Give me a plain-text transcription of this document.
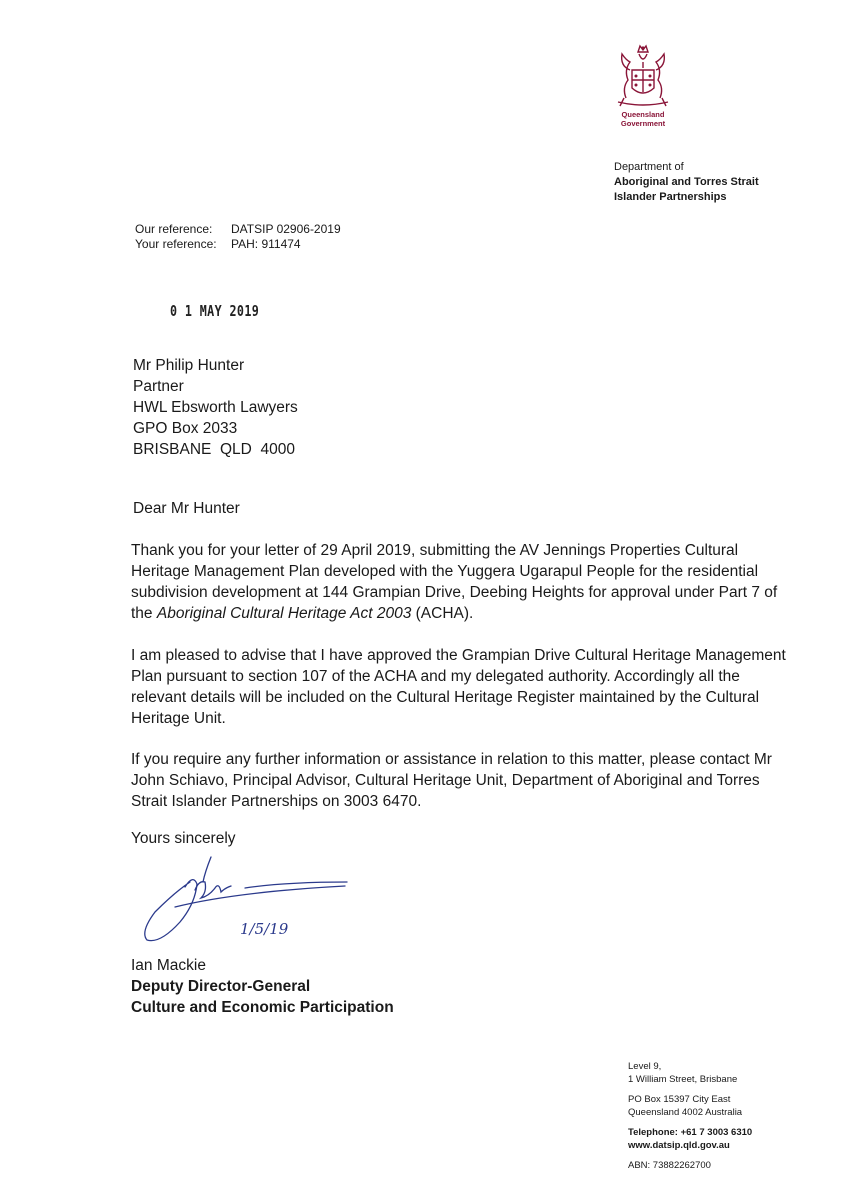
Queensland
Government
Department of
Aboriginal and Torres Strait
Islander Partnerships
Our reference:	DATSIP 02906-2019
Your reference:	PAH: 911474
0 1 MAY 2019
Mr Philip Hunter
Partner
HWL Ebsworth Lawyers
GPO Box 2033
BRISBANE  QLD  4000
Dear Mr Hunter
Thank you for your letter of 29 April 2019, submitting the AV Jennings Properties Cultural Heritage Management Plan developed with the Yuggera Ugarapul People for the residential subdivision development at 144 Grampian Drive, Deebing Heights for approval under Part 7 of the Aboriginal Cultural Heritage Act 2003 (ACHA).
I am pleased to advise that I have approved the Grampian Drive Cultural Heritage Management Plan pursuant to section 107 of the ACHA and my delegated authority. Accordingly all the relevant details will be included on the Cultural Heritage Register maintained by the Cultural Heritage Unit.
If you require any further information or assistance in relation to this matter, please contact Mr John Schiavo, Principal Advisor, Cultural Heritage Unit, Department of Aboriginal and Torres Strait Islander Partnerships on 3003 6470.
Yours sincerely
1/5/19
Ian Mackie
Deputy Director-General
Culture and Economic Participation
Level 9,
1 William Street, Brisbane
PO Box 15397 City East
Queensland 4002 Australia
Telephone: +61 7 3003 6310
www.datsip.qld.gov.au
ABN: 73882262700
